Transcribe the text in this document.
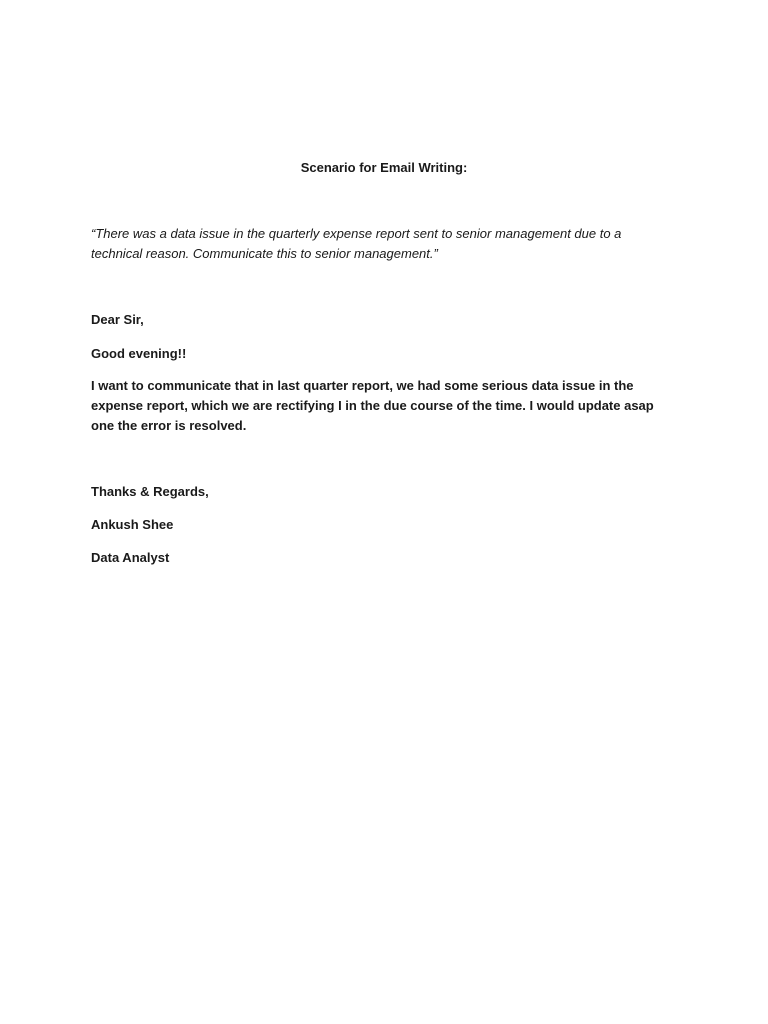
Scenario for Email Writing:
“There was a data issue in the quarterly expense report sent to senior management due to a technical reason. Communicate this to senior management.”
Dear Sir,
Good evening!!
I want to communicate that in last quarter report, we had some serious data issue in the expense report, which we are rectifying I in the due course of the time. I would update asap one the error is resolved.
Thanks & Regards,
Ankush Shee
Data Analyst
